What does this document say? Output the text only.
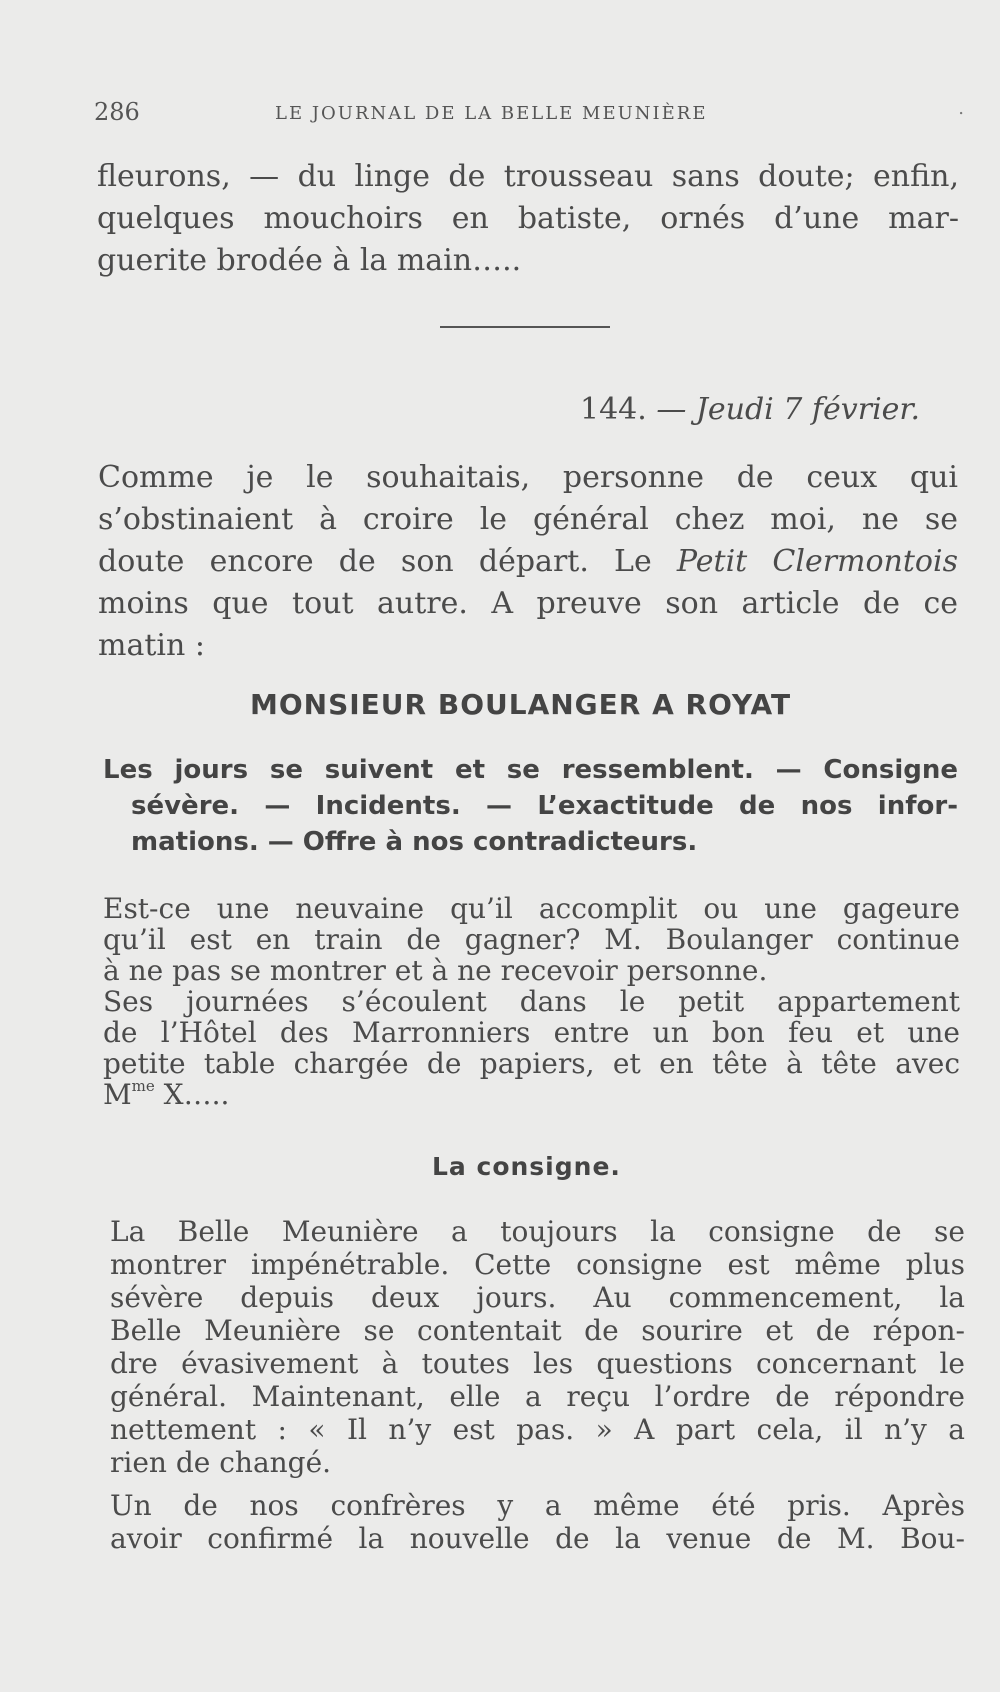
286	LE JOURNAL DE LA BELLE MEUNIÈRE	.
fleurons, — du linge de trousseau sans doute; enfin,
quelques mouchoirs en batiste, ornés d’une mar-
guerite brodée à la main…..
144. — Jeudi 7 février.
Comme je le souhaitais, personne de ceux qui
s’obstinaient à croire le général chez moi, ne se
doute encore de son départ. Le Petit Clermontois
moins que tout autre. A preuve son article de ce
matin :
MONSIEUR BOULANGER A ROYAT
Les jours se suivent et se ressemblent. — Consigne
sévère. — Incidents. — L’exactitude de nos infor-
mations. — Offre à nos contradicteurs.
Est-ce une neuvaine qu’il accomplit ou une gageure
qu’il est en train de gagner? M. Boulanger continue
à ne pas se montrer et à ne recevoir personne.
Ses journées s’écoulent dans le petit appartement
de l’Hôtel des Marronniers entre un bon feu et une
petite table chargée de papiers, et en tête à tête avec
$M^{me}$ X…..
La consigne.
La Belle Meunière a toujours la consigne de se
montrer impénétrable. Cette consigne est même plus
sévère depuis deux jours. Au commencement, la
Belle Meunière se contentait de sourire et de répon-
dre évasivement à toutes les questions concernant le
général. Maintenant, elle a reçu l’ordre de répondre
nettement : « Il n’y est pas. » A part cela, il n’y a
rien de changé.
Un de nos confrères y a même été pris. Après
avoir confirmé la nouvelle de la venue de M. Bou-
